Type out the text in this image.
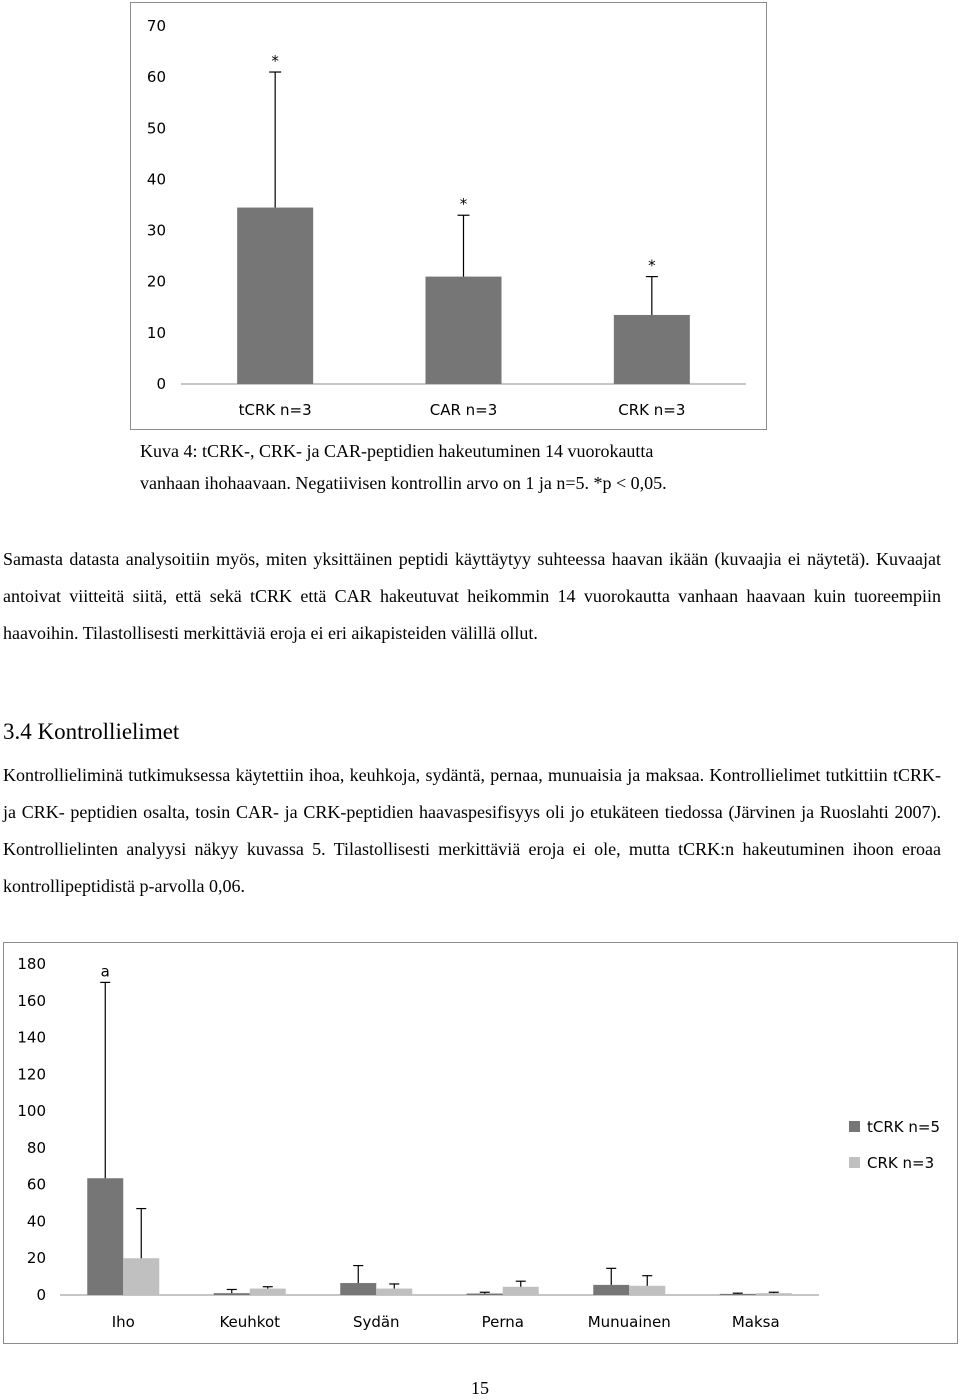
0
10
20
30
40
50
60
70
tCRK n=3
*
CAR n=3
*
CRK n=3
*
Kuva 4: tCRK-, CRK- ja CAR-peptidien hakeutuminen 14 vuorokautta
vanhaan ihohaavaan. Negatiivisen kontrollin arvo on 1 ja n=5. *p < 0,05.
Samasta datasta analysoitiin myös, miten yksittäinen peptidi käyttäytyy suhteessa haavan ikään (kuvaajia ei näytetä). Kuvaajat antoivat viitteitä siitä, että sekä tCRK että CAR hakeutuvat heikommin 14 vuorokautta vanhaan haavaan kuin tuoreempiin haavoihin. Tilastollisesti merkittäviä eroja ei eri aikapisteiden välillä ollut.
3.4 Kontrollielimet
Kontrollieliminä tutkimuksessa käytettiin ihoa, keuhkoja, sydäntä, pernaa, munuaisia ja maksaa. Kontrollielimet tutkittiin tCRK- ja CRK- peptidien osalta, tosin CAR- ja CRK-peptidien haavaspesifisyys oli jo etukäteen tiedossa (Järvinen ja Ruoslahti 2007). Kontrollielinten analyysi näkyy kuvassa 5. Tilastollisesti merkittäviä eroja ei ole, mutta tCRK:n hakeutuminen ihoon eroaa kontrollipeptidistä p-arvolla 0,06.
0
20
40
60
80
100
120
140
160
180
Iho
a
Keuhkot	Sydän	Perna	Munuainen	Maksa
tCRK n=5
CRK n=3
15
